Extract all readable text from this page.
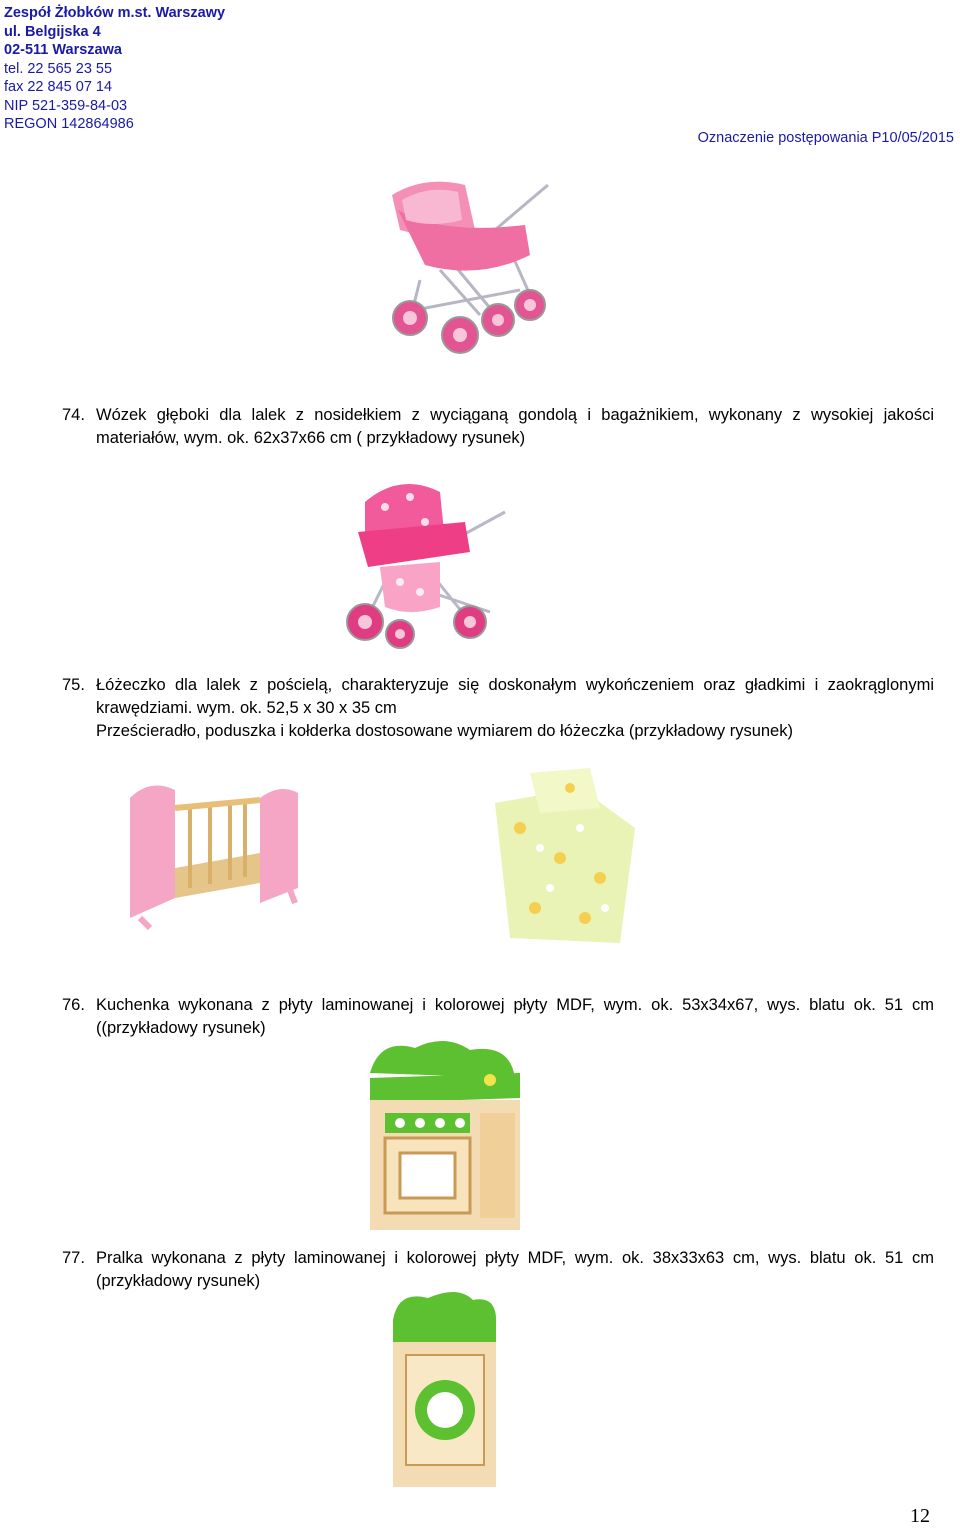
Zespół Żłobków m.st. Warszawy
ul. Belgijska 4
02-511 Warszawa
tel. 22 565 23 55
fax 22 845 07 14
NIP 521-359-84-03
REGON 142864986
Oznaczenie postępowania P10/05/2015
74. Wózek głęboki dla lalek z nosidełkiem z wyciąganą gondolą i bagażnikiem, wykonany z wysokiej jakości materiałów, wym. ok. 62x37x66 cm ( przykładowy rysunek)

75. Łóżeczko dla lalek z pościelą, charakteryzuje się doskonałym wykończeniem oraz gładkimi i zaokrąglonymi krawędziami. wym. ok. 52,5 x 30 x 35 cm

Prześcieradło, poduszka i kołderka dostosowane wymiarem do łóżeczka (przykładowy rysunek)

76. Kuchenka wykonana z płyty laminowanej i kolorowej płyty MDF, wym. ok. 53x34x67, wys. blatu ok. 51 cm ((przykładowy rysunek)

77. Pralka wykonana z płyty laminowanej i kolorowej płyty MDF, wym. ok. 38x33x63 cm, wys. blatu ok. 51 cm (przykładowy rysunek)

12
